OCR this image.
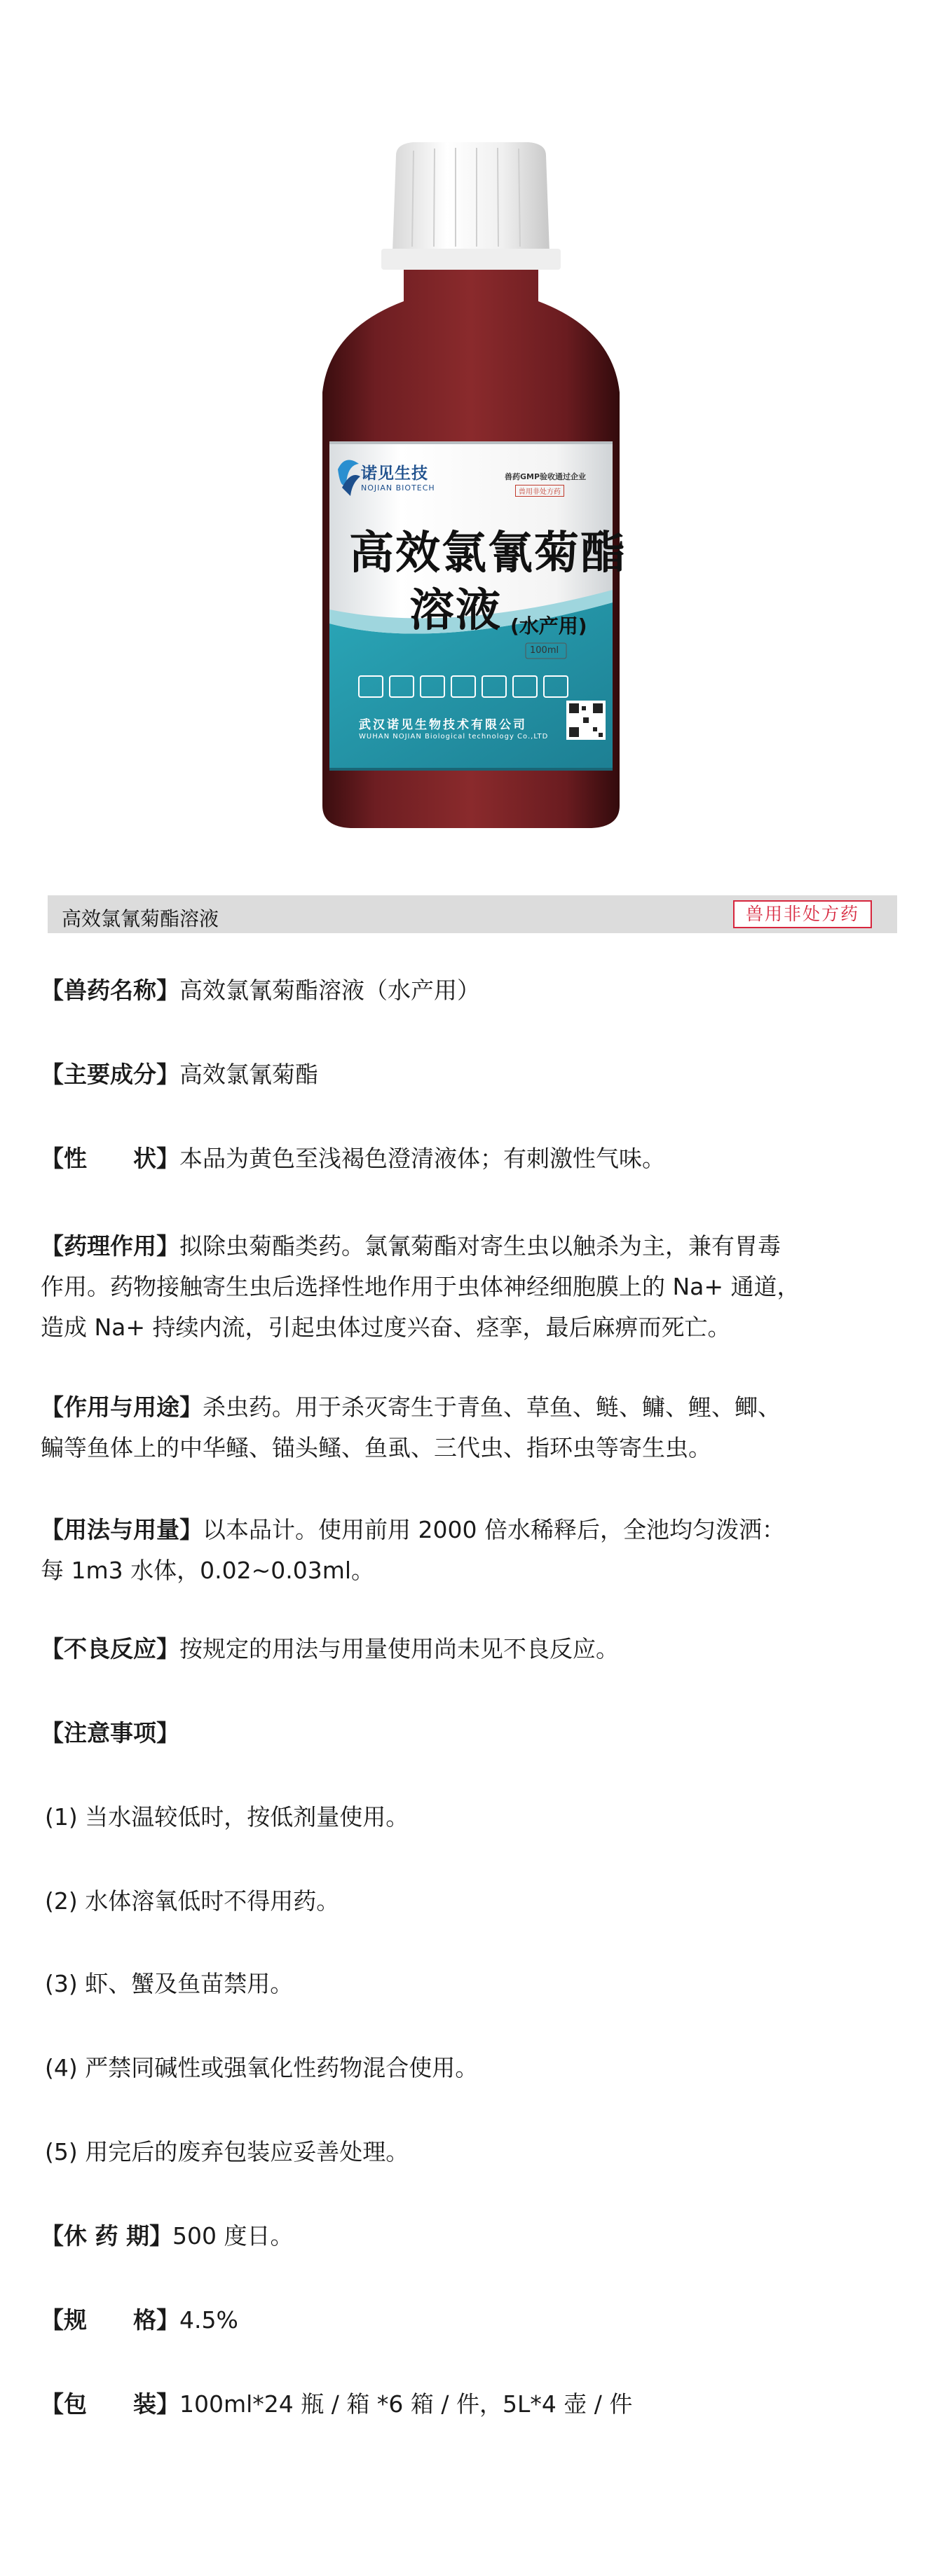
诺见生技
NOJIAN BIOTECH
兽药GMP验收通过企业
兽用非处方药
高效氯氰菊酯
溶液 (水产用)
100ml
武汉诺见生物技术有限公司
WUHAN NOJIAN Biological technology Co.,LTD
高效氯氰菊酯溶液	兽用非处方药
【兽药名称】高效氯氰菊酯溶液（水产用）
【主要成分】高效氯氰菊酯
【性　　状】本品为黄色至浅褐色澄清液体；有刺激性气味。
【药理作用】拟除虫菊酯类药。氯氰菊酯对寄生虫以触杀为主，兼有胃毒
作用。药物接触寄生虫后选择性地作用于虫体神经细胞膜上的 Na+ 通道，
造成 Na+ 持续内流，引起虫体过度兴奋、痉挛，最后麻痹而死亡。
【作用与用途】杀虫药。用于杀灭寄生于青鱼、草鱼、鲢、鳙、鲤、鲫、
鳊等鱼体上的中华鳋、锚头鳋、鱼虱、三代虫、指环虫等寄生虫。
【用法与用量】以本品计。使用前用 2000 倍水稀释后，全池均匀泼洒：
每 1m3 水体，0.02~0.03ml。
【不良反应】按规定的用法与用量使用尚未见不良反应。
【注意事项】
(1) 当水温较低时，按低剂量使用。
(2) 水体溶氧低时不得用药。
(3) 虾、蟹及鱼苗禁用。
(4) 严禁同碱性或强氧化性药物混合使用。
(5) 用完后的废弃包装应妥善处理。
【休 药 期】500 度日。
【规　　格】4.5%
【包　　装】100ml*24 瓶 / 箱 *6 箱 / 件，5L*4 壶 / 件
